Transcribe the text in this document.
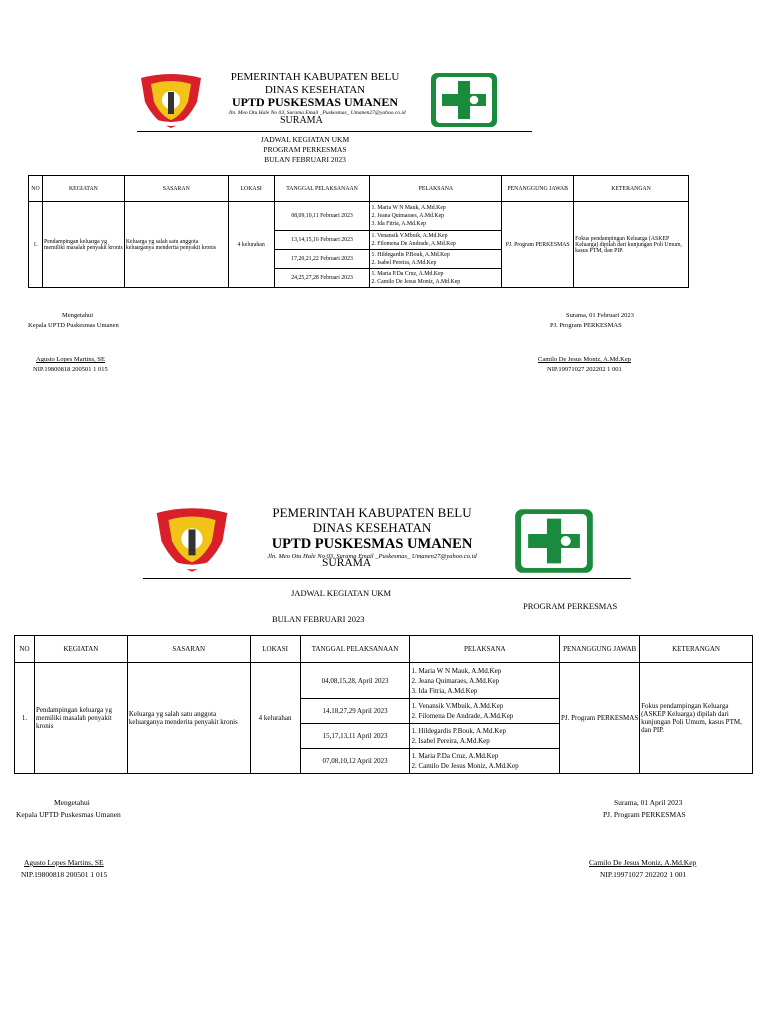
PEMERINTAH KABUPATEN BELU
DINAS KESEHATAN
UPTD PUSKESMAS UMANEN
Jln. Meo Otu Hale No 03, Surama Email _Puskesmas_ Umanen27@yahoo.co.id
SURAMA
JADWAL KEGIATAN UKM
PROGRAM PERKESMAS
BULAN FEBRUARI 2023
NO	KEGIATAN	SASARAN	LOKASI	TANGGAL PELAKSANAAN	PELAKSANA	PENANGGUNG JAWAB	KETERANGAN
1.	Pendampingan keluarga yg memiliki masalah penyakit kronis	Keluarga yg salah satu anggota keluarganya menderita penyakit kronis	4 kelurahan	08,09,10,11 Februari 2023	1. Maria W N Mauk, A.Md.Kep
2. Jeana Quimaraes, A.Md.Kep
3. Ida Fitria, A.Md.Kep	PJ. Program PERKESMAS	Fokus pendampingan Keluarga (ASKEP Keluarga) dipilah dari kunjungan Poli Umum, kasus PTM, dan PIP.
				13,14,15,16 Februari 2023	1. Venansik V.Mbuik, A.Md.Kep
2. Filomena De Andrade, A.Md.Kep		

				17,20,21,22 Februari 2023	1. Hildegardis P.Bouk, A.Md.Kep
2. Isabel Pereira, A.Md.Kep		

				24,25,27,28 Februari 2023	1. Maria P.Da Cruz, A.Md.Kep
2. Camilo De Jesus Moniz, A.Md.Kep		
Mengetahui
Kepala UPTD Puskesmas Umanen
Agusto Lopes Martins, SE
NIP.19800818 200501 1 015
Surama, 01 Februari 2023
PJ. Program PERKESMAS
Camilo De Jesus Moniz, A.Md.Kep
NIP.19971027 202202 1 001
PEMERINTAH KABUPATEN BELU
DINAS KESEHATAN
UPTD PUSKESMAS UMANEN
Jln. Meo Otu Hale No 03, Surama Email _Puskesmas_ Umanen27@yahoo.co.id
SURAMA
JADWAL KEGIATAN UKM
PROGRAM PERKESMAS
BULAN FEBRUARI 2023
NO	KEGIATAN	SASARAN	LOKASI	TANGGAL PELAKSANAAN	PELAKSANA	PENANGGUNG JAWAB	KETERANGAN
1.	Pendampingan keluarga yg memiliki masalah penyakit kronis	Keluarga yg salah satu anggota keluarganya menderita penyakit kronis	4 kelurahan	04,08,15,28, April 2023	1. Maria W N Mauk, A.Md.Kep
2. Jeana Quimaraes, A.Md.Kep
3. Ida Fitria, A.Md.Kep	PJ. Program PERKESMAS	Fokus pendampingan Keluarga (ASKEP Keluarga) dipilah dari kunjungan Poli Umum, kasus PTM, dan PIP.
				14,18,27,29 April 2023	1. Venansik V.Mbuik, A.Md.Kep
2. Filomena De Andrade, A.Md.Kep		

				15,17,13,11 April 2023	1. Hildegardis P.Bouk, A.Md.Kep
2. Isabel Pereira, A.Md.Kep		

				07,08,10,12 April 2023	1. Maria P.Da Cruz, A.Md.Kep
2. Camilo De Jesus Moniz, A.Md.Kep		
Mengetahui
Kepala UPTD Puskesmas Umanen
Agusto Lopes Martins, SE
NIP.19800818 200501 1 015
Surama, 01 April 2023
PJ. Program PERKESMAS
Camilo De Jesus Moniz, A.Md.Kep
NIP.19971027 202202 1 001
